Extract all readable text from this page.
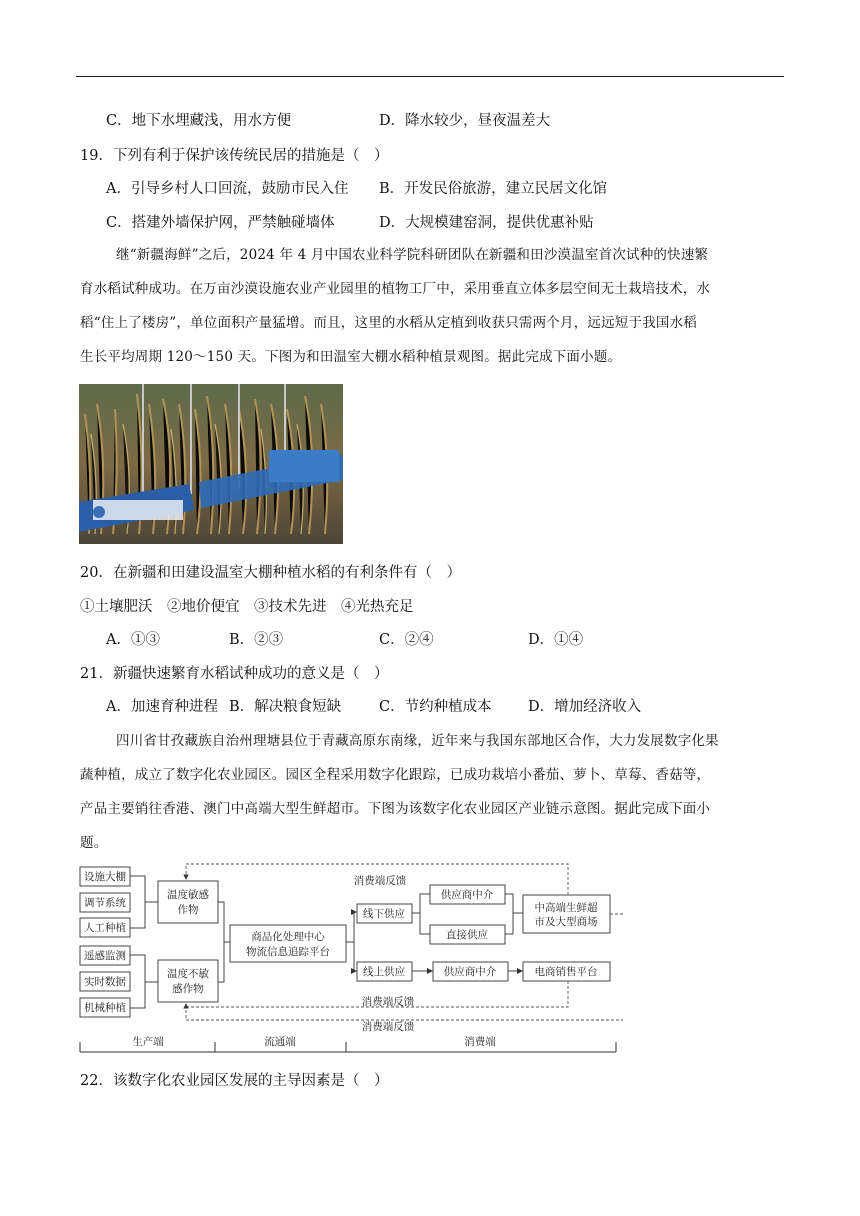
C．地下水埋藏浅，用水方便	D．降水较少，昼夜温差大
19．下列有利于保护该传统民居的措施是（　）
A．引导乡村人口回流，鼓励市民入住 B．开发民俗旅游，建立民居文化馆
C．搭建外墙保护网，严禁触碰墙体	D．大规模建窑洞，提供优惠补贴

继“新疆海鲜”之后，2024 年 4 月中国农业科学院科研团队在新疆和田沙漠温室首次试种的快速繁

育水稻试种成功。在万亩沙漠设施农业产业园里的植物工厂中，采用垂直立体多层空间无土栽培技术，水

稻“住上了楼房”，单位面积产量猛增。而且，这里的水稻从定植到收获只需两个月，远远短于我国水稻

生长平均周期 120～150 天。下图为和田温室大棚水稻种植景观图。据此完成下面小题。

20．在新疆和田建设温室大棚种植水稻的有利条件有（　）
①土壤肥沃　②地价便宜　③技术先进　④光热充足
A．①③	B．②③	C．②④	D．①④
21．新疆快速繁育水稻试种成功的意义是（　）
A．加速育种进程 B．解决粮食短缺	C．节约种植成本	D．增加经济收入

四川省甘孜藏族自治州理塘县位于青藏高原东南缘，近年来与我国东部地区合作，大力发展数字化果

蔬种植，成立了数字化农业园区。园区全程采用数字化跟踪，已成功栽培小番茄、萝卜、草莓、香菇等，

产品主要销往香港、澳门中高端大型生鲜超市。下图为该数字化农业园区产业链示意图。据此完成下面小

题。

设施大棚
调节系统
人工种植
遥感监测
实时数据
机械种植
温度敏感
作物
温度不敏
感作物
商品化处理中心
物流信息追踪平台
线下供应
线上供应
供应商中介
直接供应
供应商中介
中高端生鲜超
市及大型商场
电商销售平台
消费端反馈
消费端反馈
消费端反馈
生产端	流通端	消费端
22．该数字化农业园区发展的主导因素是（　）
